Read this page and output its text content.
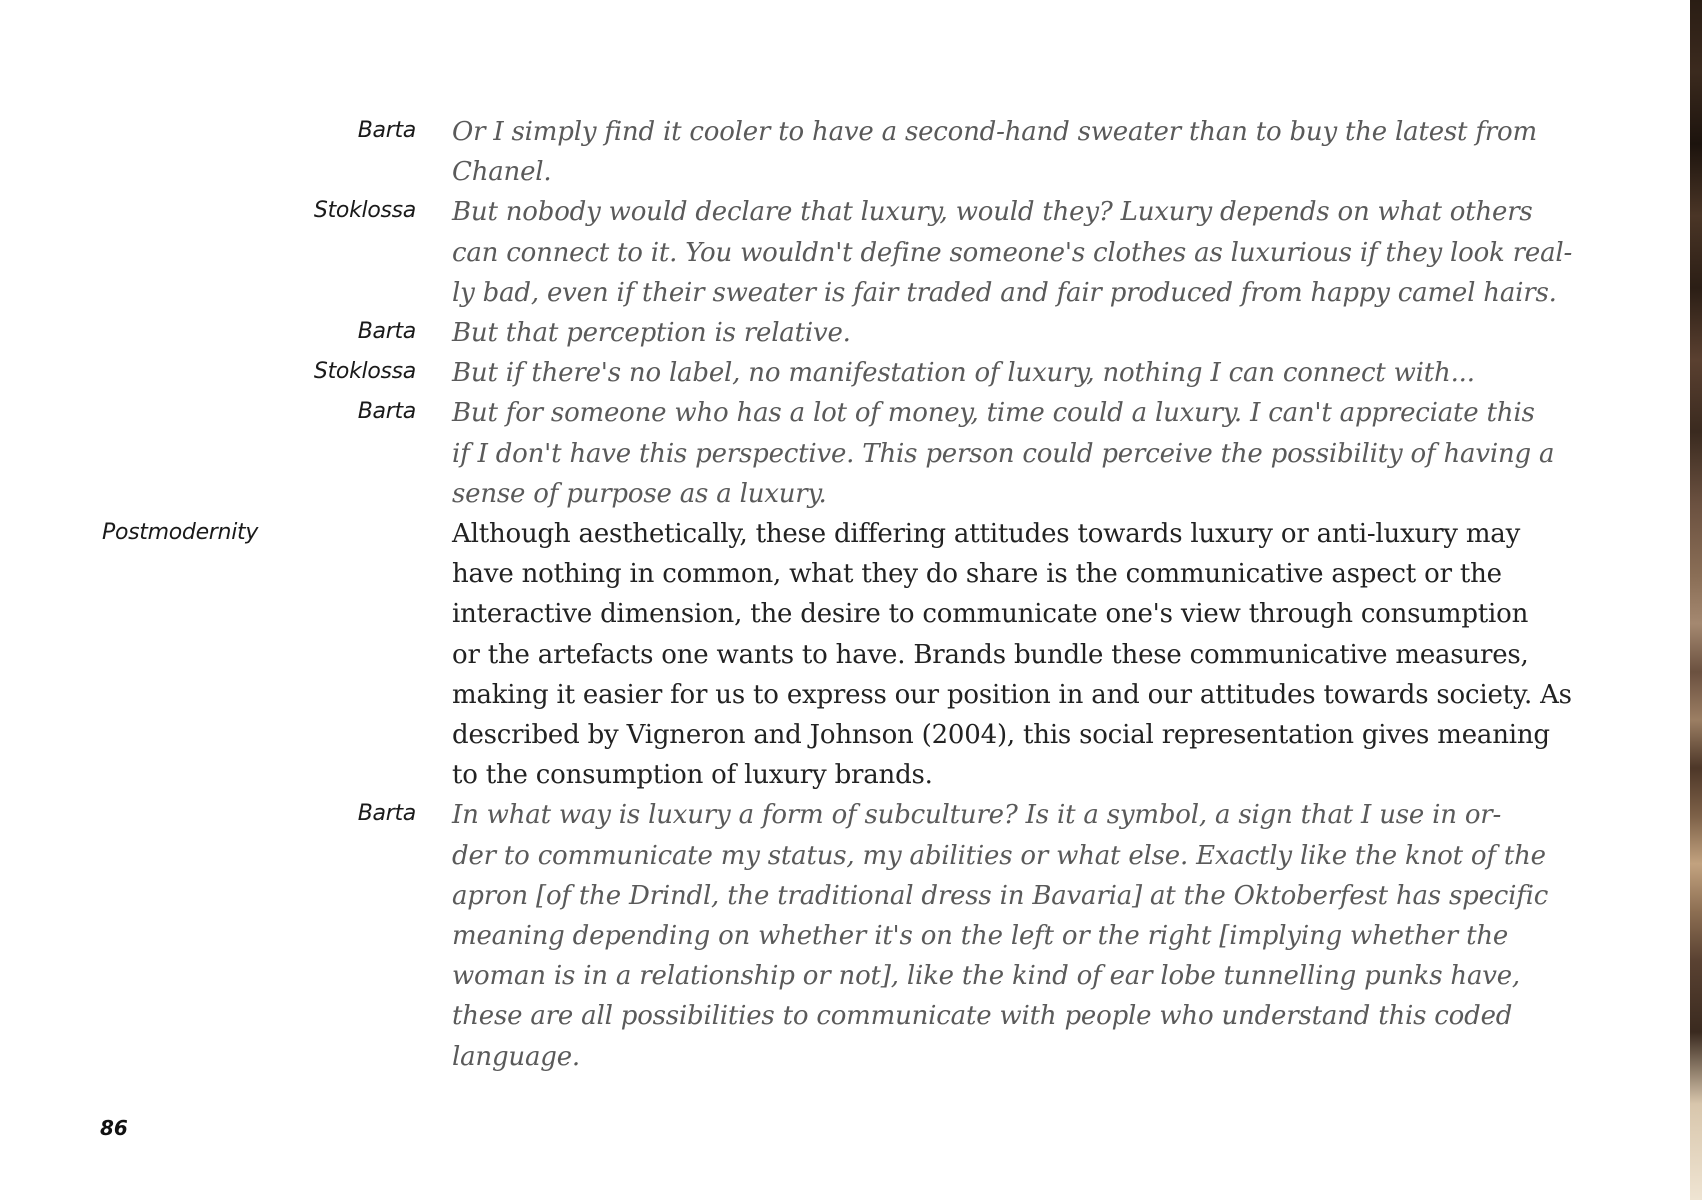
Barta Or I simply find it cooler to have a second-hand sweater than to buy the latest from
Chanel.
Stoklossa But nobody would declare that luxury, would they? Luxury depends on what others
can connect to it. You wouldn't define someone's clothes as luxurious if they look real-
ly bad, even if their sweater is fair traded and fair produced from happy camel hairs.
Barta But that perception is relative.
Stoklossa But if there's no label, no manifestation of luxury, nothing I can connect with...
Barta But for someone who has a lot of money, time could a luxury. I can't appreciate this
if I don't have this perspective. This person could perceive the possibility of having a
sense of purpose as a luxury.
Postmodernity	Although aesthetically, these differing attitudes towards luxury or anti-luxury may
have nothing in common, what they do share is the communicative aspect or the
interactive dimension, the desire to communicate one's view through consumption
or the artefacts one wants to have. Brands bundle these communicative measures,
making it easier for us to express our position in and our attitudes towards society. As
described by Vigneron and Johnson (2004), this social representation gives meaning
to the consumption of luxury brands.
Barta In what way is luxury a form of subculture? Is it a symbol, a sign that I use in or-
der to communicate my status, my abilities or what else. Exactly like the knot of the
apron [of the Drindl, the traditional dress in Bavaria] at the Oktoberfest has specific
meaning depending on whether it's on the left or the right [implying whether the
woman is in a relationship or not], like the kind of ear lobe tunnelling punks have,
these are all possibilities to communicate with people who understand this coded
language.
86
